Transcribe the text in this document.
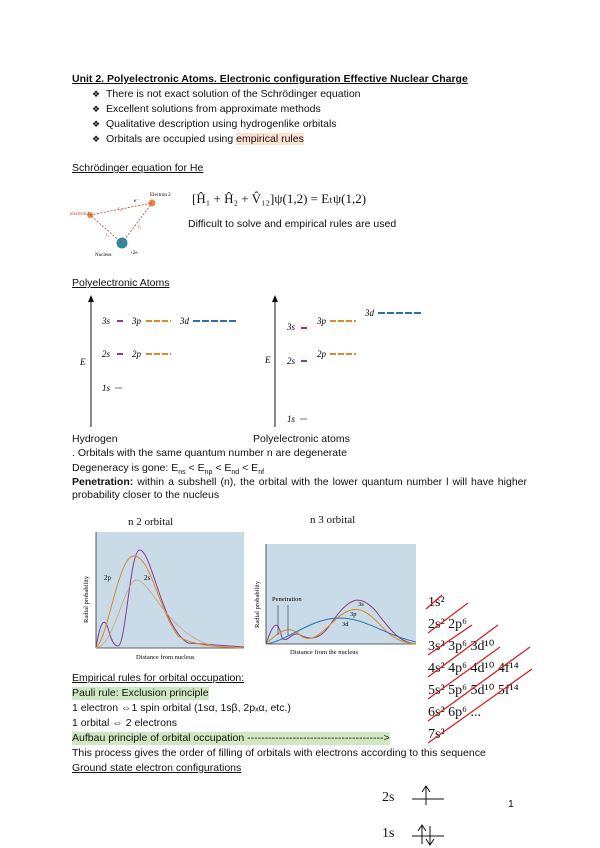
Unit 2. Polyelectronic Atoms. Electronic configuration Effective Nuclear Charge
❖ There is not exact solution of the Schrödinger equation
❖ Excellent solutions from approximate methods
❖ Qualitative description using hydrogenlike orbitals
❖ Orbitals are occupied using empirical rules
Schrödinger equation for He
Electron 2
electron 1
Nucleus	+2e
r₁
r₂
r₁₂
e⁻	[Ĥ₁ + Ĥ₂ + V̂₁₂]ψ(1,2) = Eₜψ(1,2)
Difficult to solve and empirical rules are used
Polyelectronic Atoms
E
3s 3p	3d
2s 2p
1s
E
3d
3p
3s
2p
2s
1s
Hydrogen	Polyelectronic atoms
. Orbitals with the same quantum number n are degenerate
Degeneracy is gone: $E_{ns} < E_{np} < E_{nd} < E_{nf}$
Penetration: within a subshell (n), the orbital with the lower quantum number l will have higher probability closer to the nucleus
n 2 orbital
2p	2s
Radial probability
Distance from nucleus
n 3 orbital
Penetration
3s
3p
3d
Radial probability
Distance from the nucleus
1s²
2s² 2p⁶
3s² 3p⁶ 3d¹⁰
4s² 4p⁶ 4d¹⁰ 4f¹⁴
5s² 5p⁶ 5d¹⁰ 5f¹⁴
6s² 6p⁶ ...
7s²
Empirical rules for orbital occupation:
Pauli rule: Exclusion principle
1 electron ⇔1 spin orbital (1sα, 1sβ, 2pₓα, etc.)
1 orbital ⇔ 2 electrons
Aufbau principle of orbital occupation --------------------------------------->
This process gives the order of filling of orbitals with electrons according to this sequence
Ground state electron configurations
2s	1
1s
